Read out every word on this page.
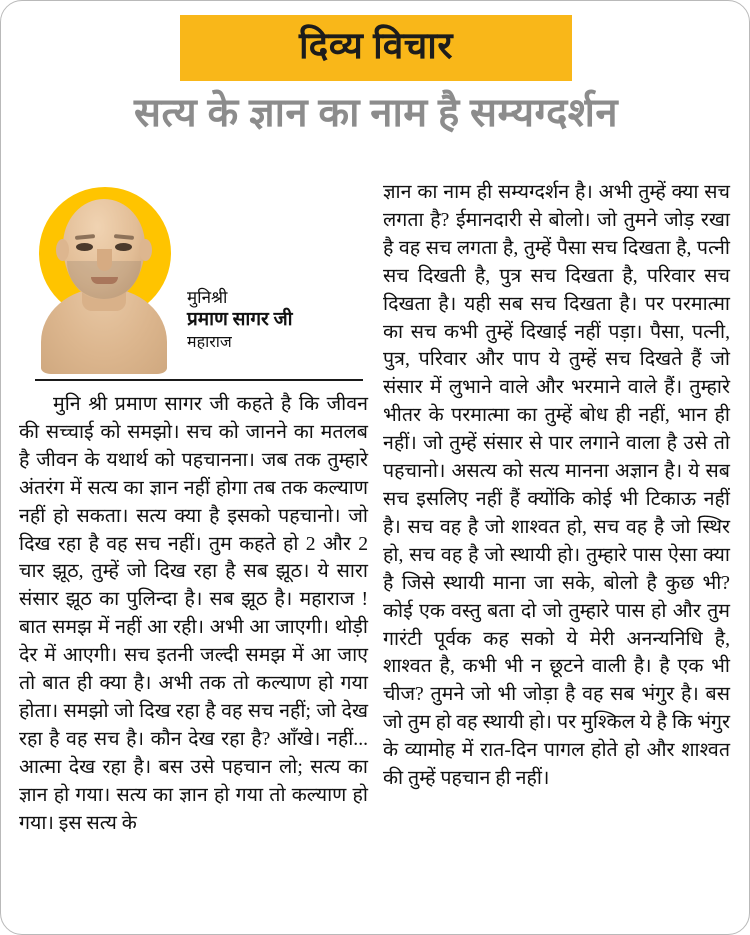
दिव्य विचार
सत्य के ज्ञान का नाम है सम्यग्दर्शन
मुनिश्री
प्रमाण सागर जी
महाराज
मुनि श्री प्रमाण सागर जी कहते है कि जीवन की सच्चाई को समझो। सच को जानने का मतलब है जीवन के यथार्थ को पहचानना। जब तक तुम्हारे अंतरंग में सत्य का ज्ञान नहीं होगा तब तक कल्याण नहीं हो सकता। सत्य क्या है इसको पहचानो। जो दिख रहा है वह सच नहीं। तुम कहते हो 2 और 2 चार झूठ, तुम्हें जो दिख रहा है सब झूठ। ये सारा संसार झूठ का पुलिन्दा है। सब झूठ है। महाराज ! बात समझ में नहीं आ रही। अभी आ जाएगी। थोड़ी देर में आएगी। सच इतनी जल्दी समझ में आ जाए तो बात ही क्या है। अभी तक तो कल्याण हो गया होता। समझो जो दिख रहा है वह सच नहीं; जो देख रहा है वह सच है। कौन देख रहा है? आँखे। नहीं... आत्मा देख रहा है। बस उसे पहचान लो; सत्य का ज्ञान हो गया। सत्य का ज्ञान हो गया तो कल्याण हो गया। इस सत्य के
ज्ञान का नाम ही सम्यग्दर्शन है। अभी तुम्हें क्या सच लगता है? ईमानदारी से बोलो। जो तुमने जोड़ रखा है वह सच लगता है, तुम्हें पैसा सच दिखता है, पत्नी सच दिखती है, पुत्र सच दिखता है, परिवार सच दिखता है। यही सब सच दिखता है। पर परमात्मा का सच कभी तुम्हें दिखाई नहीं पड़ा। पैसा, पत्नी, पुत्र, परिवार और पाप ये तुम्हें सच दिखते हैं जो संसार में लुभाने वाले और भरमाने वाले हैं। तुम्हारे भीतर के परमात्मा का तुम्हें बोध ही नहीं, भान ही नहीं। जो तुम्हें संसार से पार लगाने वाला है उसे तो पहचानो। असत्य को सत्य मानना अज्ञान है। ये सब सच इसलिए नहीं हैं क्योंकि कोई भी टिकाऊ नहीं है। सच वह है जो शाश्वत हो, सच वह है जो स्थिर हो, सच वह है जो स्थायी हो। तुम्हारे पास ऐसा क्या है जिसे स्थायी माना जा सके, बोलो है कुछ भी? कोई एक वस्तु बता दो जो तुम्हारे पास हो और तुम गारंटी पूर्वक कह सको ये मेरी अनन्यनिधि है, शाश्वत है, कभी भी न छूटने वाली है। है एक भी चीज? तुमने जो भी जोड़ा है वह सब भंगुर है। बस जो तुम हो वह स्थायी हो। पर मुश्किल ये है कि भंगुर के व्यामोह में रात-दिन पागल होते हो और शाश्वत की तुम्हें पहचान ही नहीं।
